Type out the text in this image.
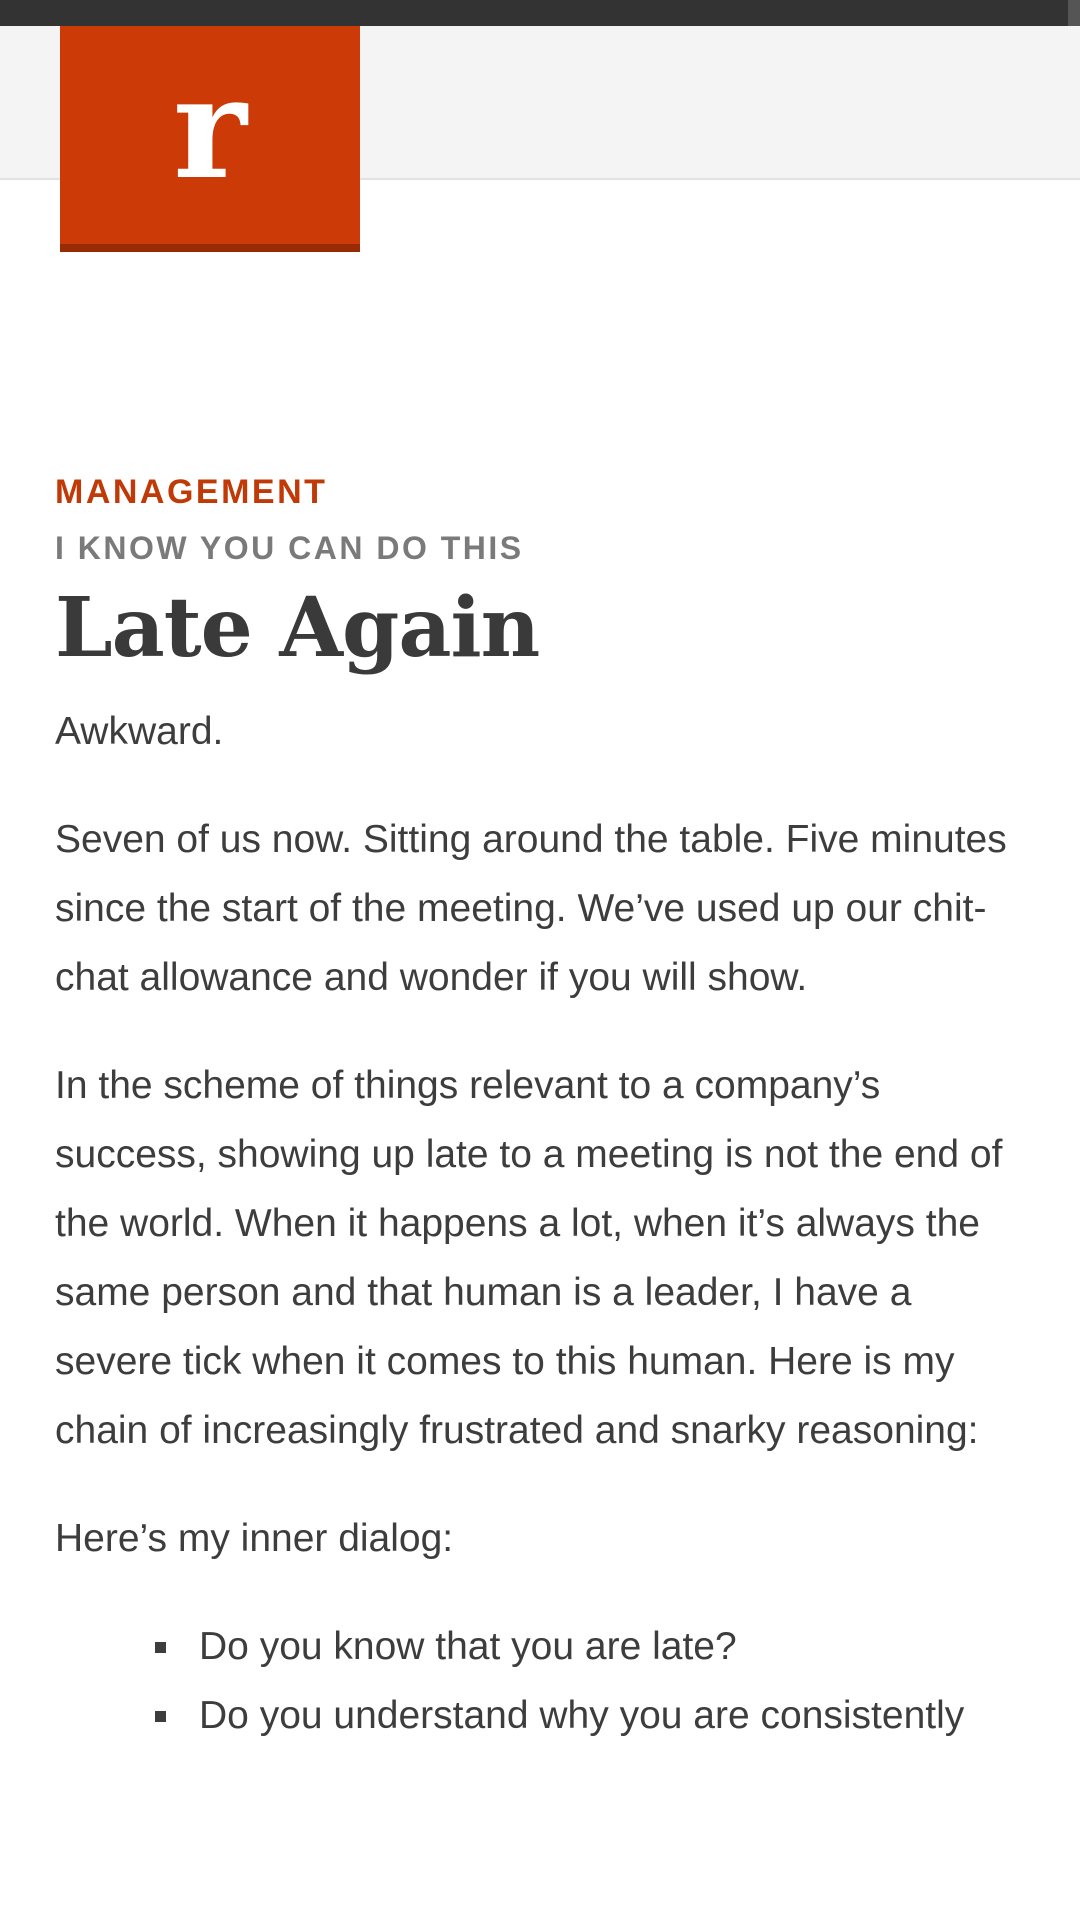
r
MANAGEMENT
I KNOW YOU CAN DO THIS
Late Again

Awkward.

Seven of us now. Sitting around the table. Five minutes since the start of the meeting. We’ve used up our chit-chat allowance and wonder if you will show.

In the scheme of things relevant to a company’s success, showing up late to a meeting is not the end of the world. When it happens a lot, when it’s always the same person and that human is a leader, I have a severe tick when it comes to this human. Here is my chain of increasingly frustrated and snarky reasoning:

Here’s my inner dialog:

Do you know that you are late?
Do you understand why you are consistently
